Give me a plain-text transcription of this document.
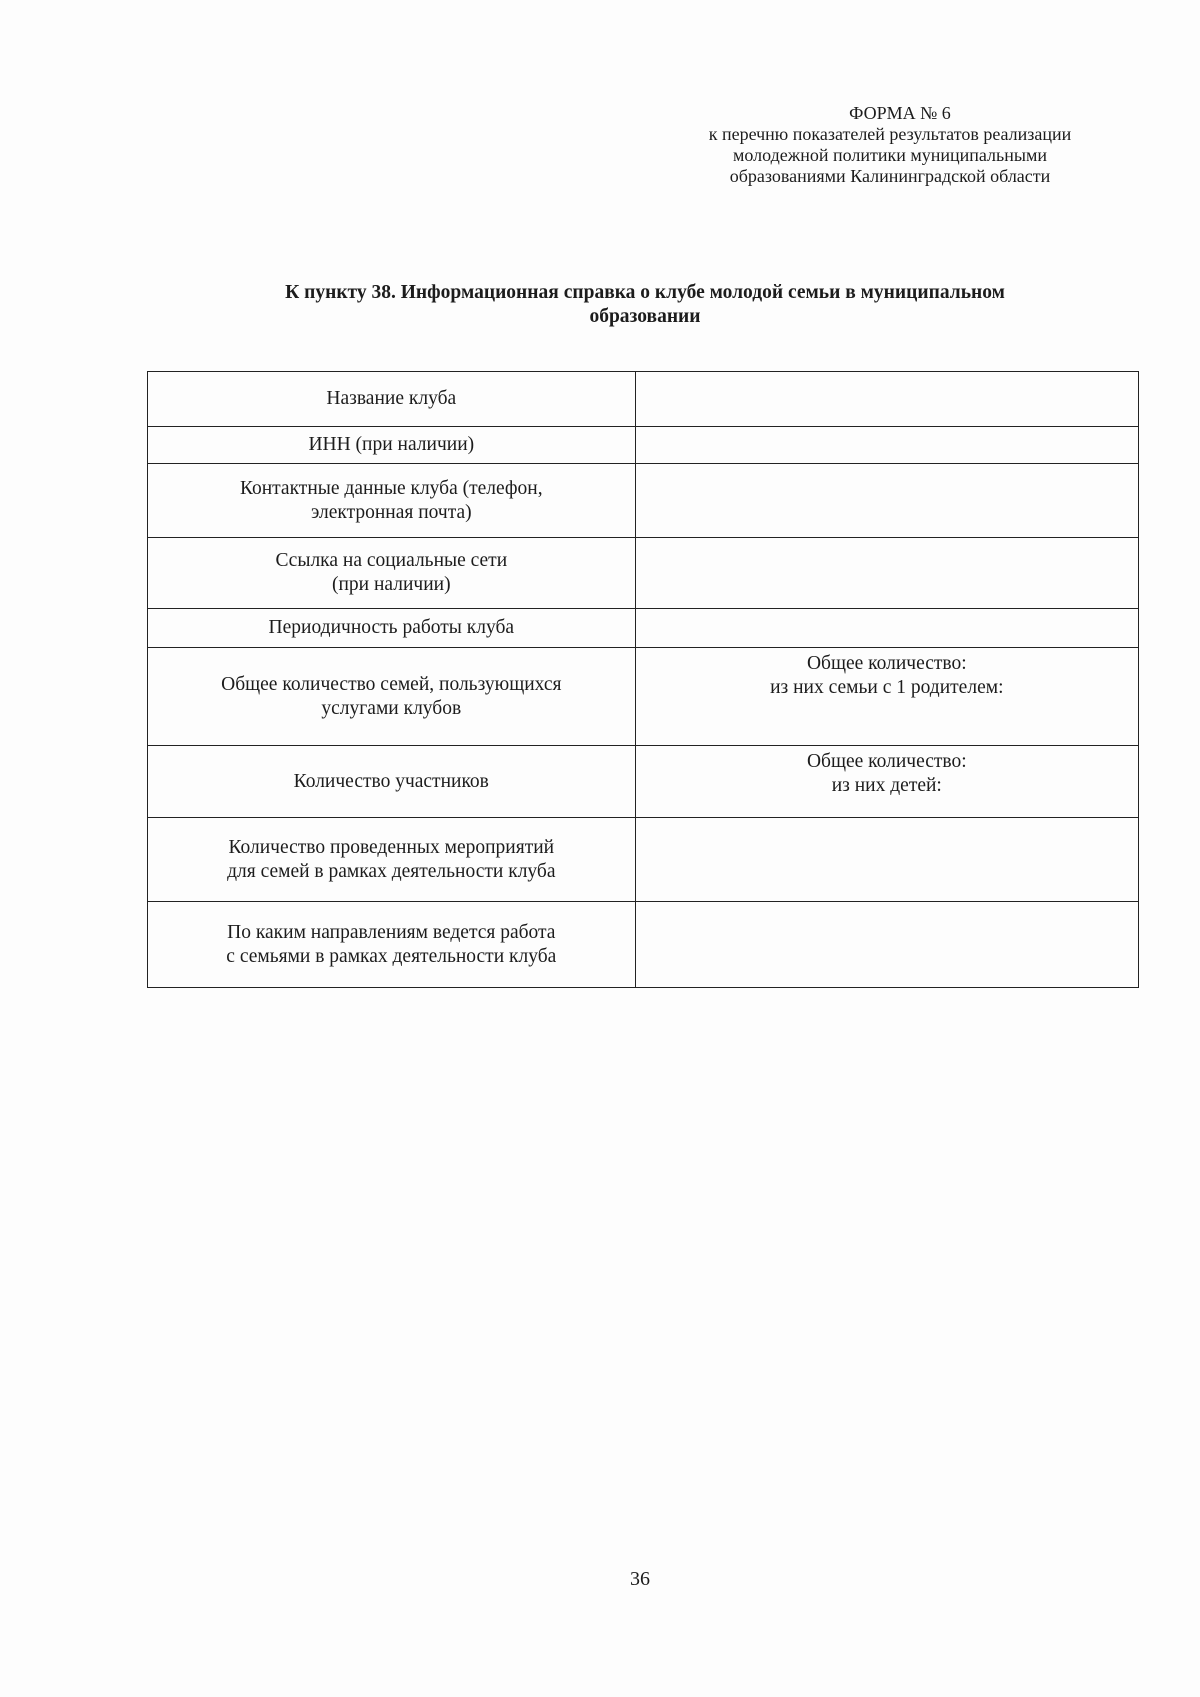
ФОРМА № 6
к перечню показателей результатов реализации
молодежной политики муниципальными
образованиями Калининградской области
К пункту 38. Информационная справка о клубе молодой семьи в муниципальном
образовании
Название клуба	

ИНН (при наличии)	

Контактные данные клуба (телефон,
электронная почта)	

Ссылка на социальные сети
(при наличии)	

Периодичность работы клуба	

Общее количество семей, пользующихся
услугами клубов	Общее количество:
из них семьи с 1 родителем:

Количество участников	Общее количество:
из них детей:

Количество проведенных мероприятий
для семей в рамках деятельности клуба	

По каким направлениям ведется работа
с семьями в рамках деятельности клуба	

36
